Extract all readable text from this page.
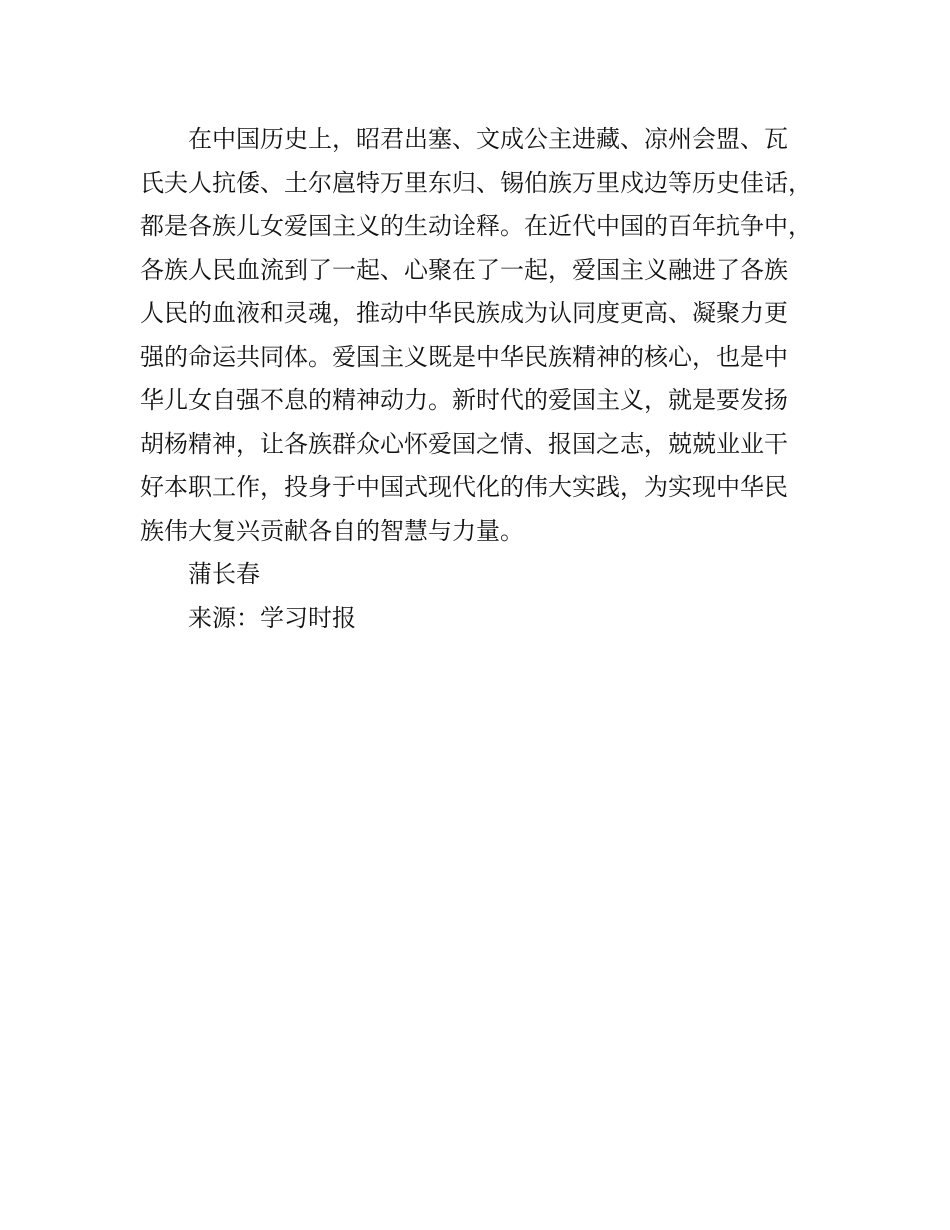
在中国历史上，昭君出塞、文成公主进藏、凉州会盟、瓦
氏夫人抗倭、土尔扈特万里东归、锡伯族万里戍边等历史佳话，
都是各族儿女爱国主义的生动诠释。在近代中国的百年抗争中，
各族人民血流到了一起、心聚在了一起，爱国主义融进了各族
人民的血液和灵魂，推动中华民族成为认同度更高、凝聚力更
强的命运共同体。爱国主义既是中华民族精神的核心，也是中
华儿女自强不息的精神动力。新时代的爱国主义，就是要发扬
胡杨精神，让各族群众心怀爱国之情、报国之志，兢兢业业干
好本职工作，投身于中国式现代化的伟大实践，为实现中华民
族伟大复兴贡献各自的智慧与力量。

蒲长春

来源：学习时报
